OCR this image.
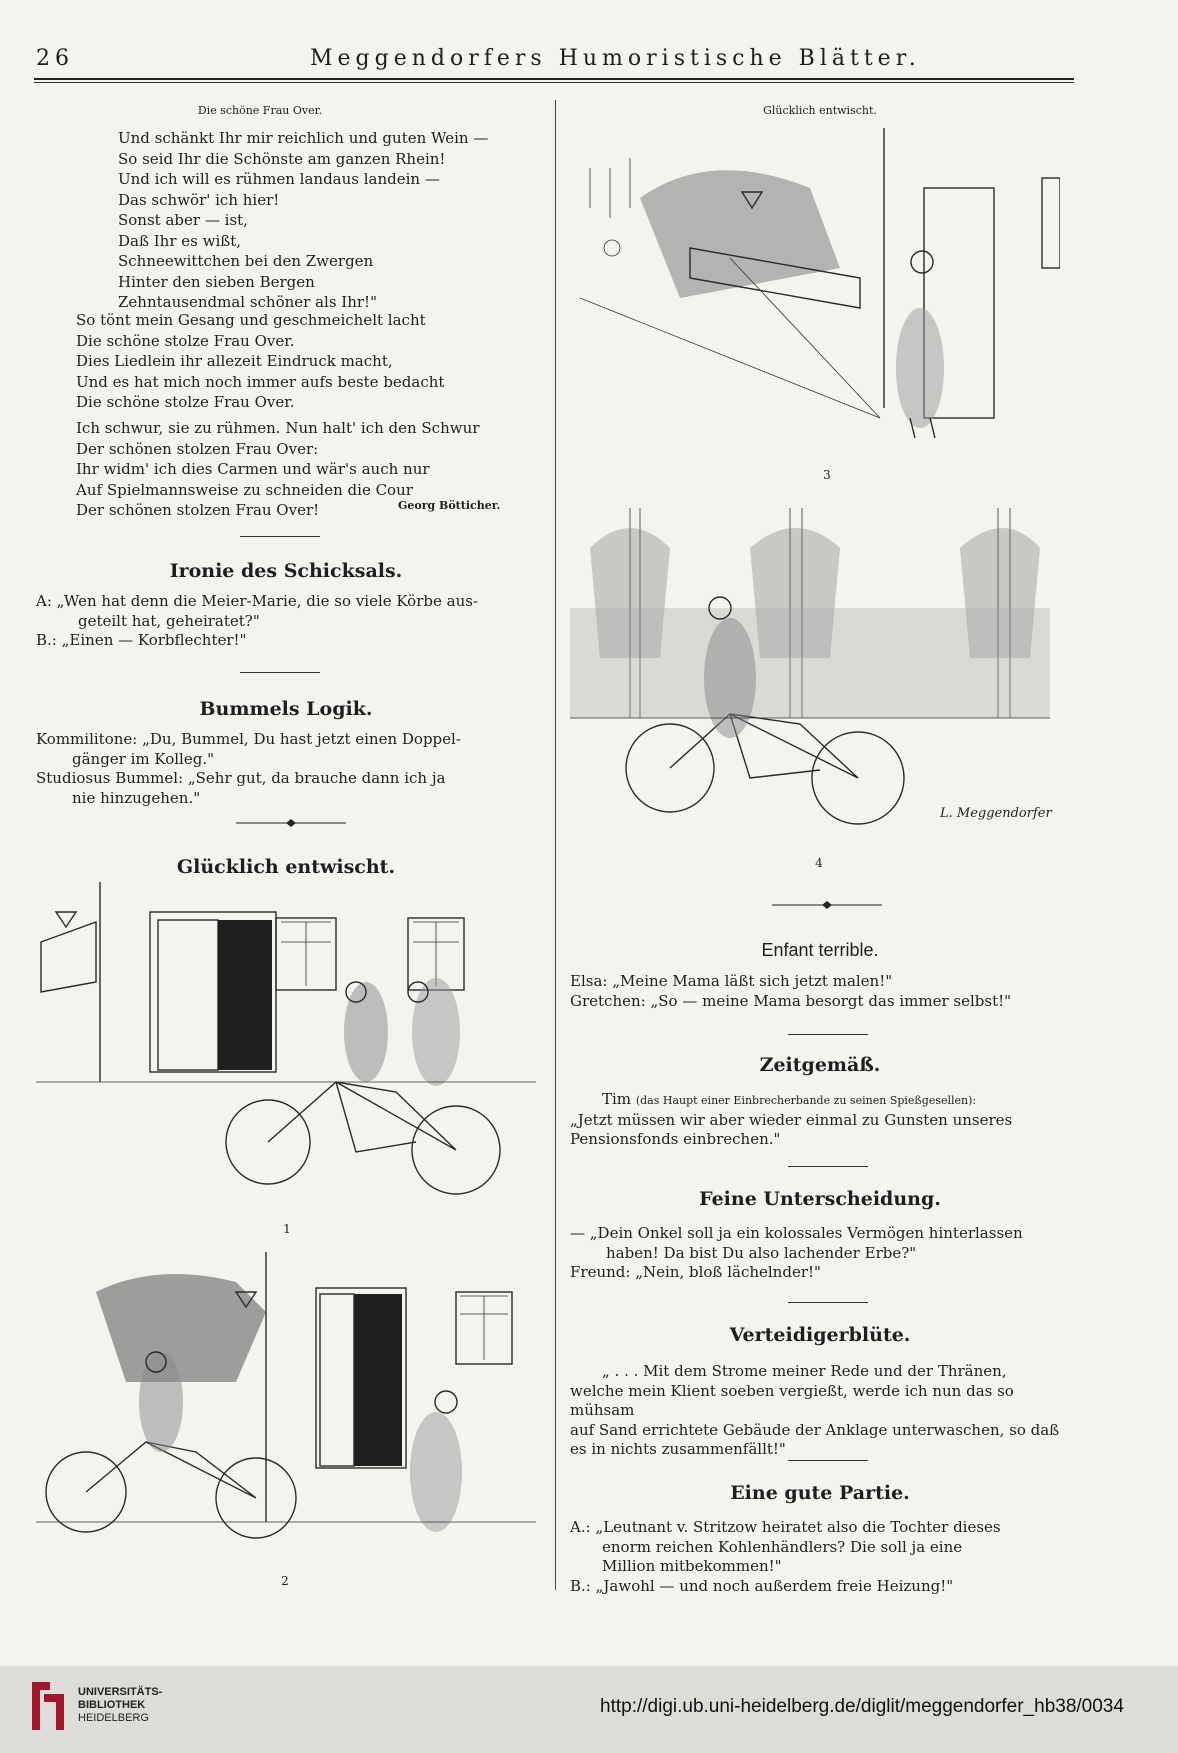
26	Meggendorfers Humoristische Blätter.
Die schöne Frau Over.
Und schänkt Ihr mir reichlich und guten Wein —
So seid Ihr die Schönste am ganzen Rhein!
Und ich will es rühmen landaus landein —
Das schwör' ich hier!
Sonst aber — ist,
Daß Ihr es wißt,
Schneewittchen bei den Zwergen
Hinter den sieben Bergen
Zehntausendmal schöner als Ihr!"
So tönt mein Gesang und geschmeichelt lacht
Die schöne stolze Frau Over.
Dies Liedlein ihr allezeit Eindruck macht,
Und es hat mich noch immer aufs beste bedacht
Die schöne stolze Frau Over.
Ich schwur, sie zu rühmen. Nun halt' ich den Schwur
Der schönen stolzen Frau Over:
Ihr widm' ich dies Carmen und wär's auch nur
Auf Spielmannsweise zu schneiden die Cour
Der schönen stolzen Frau Over!	Georg Bötticher.
Ironie des Schicksals.
A: „Wen hat denn die Meier-Marie, die so viele Körbe aus-
geteilt hat, geheiratet?"
B.: „Einen — Korbflechter!"
Bummels Logik.
Kommilitone: „Du, Bummel, Du hast jetzt einen Doppel-
gänger im Kolleg."
Studiosus Bummel: „Sehr gut, da brauche dann ich ja
nie hinzugehen."
Glücklich entwischt.
1
2
Glücklich entwischt.
3
L. Meggendorfer
4
Enfant terrible.
Elsa: „Meine Mama läßt sich jetzt malen!"
Gretchen: „So — meine Mama besorgt das immer selbst!"
Zeitgemäß.
Tim (das Haupt einer Einbrecherbande zu seinen Spießgesellen):
„Jetzt müssen wir aber wieder einmal zu Gunsten unseres
Pensionsfonds einbrechen."
Feine Unterscheidung.
— „Dein Onkel soll ja ein kolossales Vermögen hinterlassen
haben! Da bist Du also lachender Erbe?"
Freund: „Nein, bloß lächelnder!"
Verteidigerblüte.
„ . . . Mit dem Strome meiner Rede und der Thränen,
welche mein Klient soeben vergießt, werde ich nun das so mühsam
auf Sand errichtete Gebäude der Anklage unterwaschen, so daß
es in nichts zusammenfällt!"
Eine gute Partie.
A.: „Leutnant v. Stritzow heiratet also die Tochter dieses
enorm reichen Kohlenhändlers? Die soll ja eine
Million mitbekommen!"
B.: „Jawohl — und noch außerdem freie Heizung!"
UNIVERSITÄTS-
BIBLIOTHEK
HEIDELBERG
http://digi.ub.uni-heidelberg.de/diglit/meggendorfer_hb38/0034
